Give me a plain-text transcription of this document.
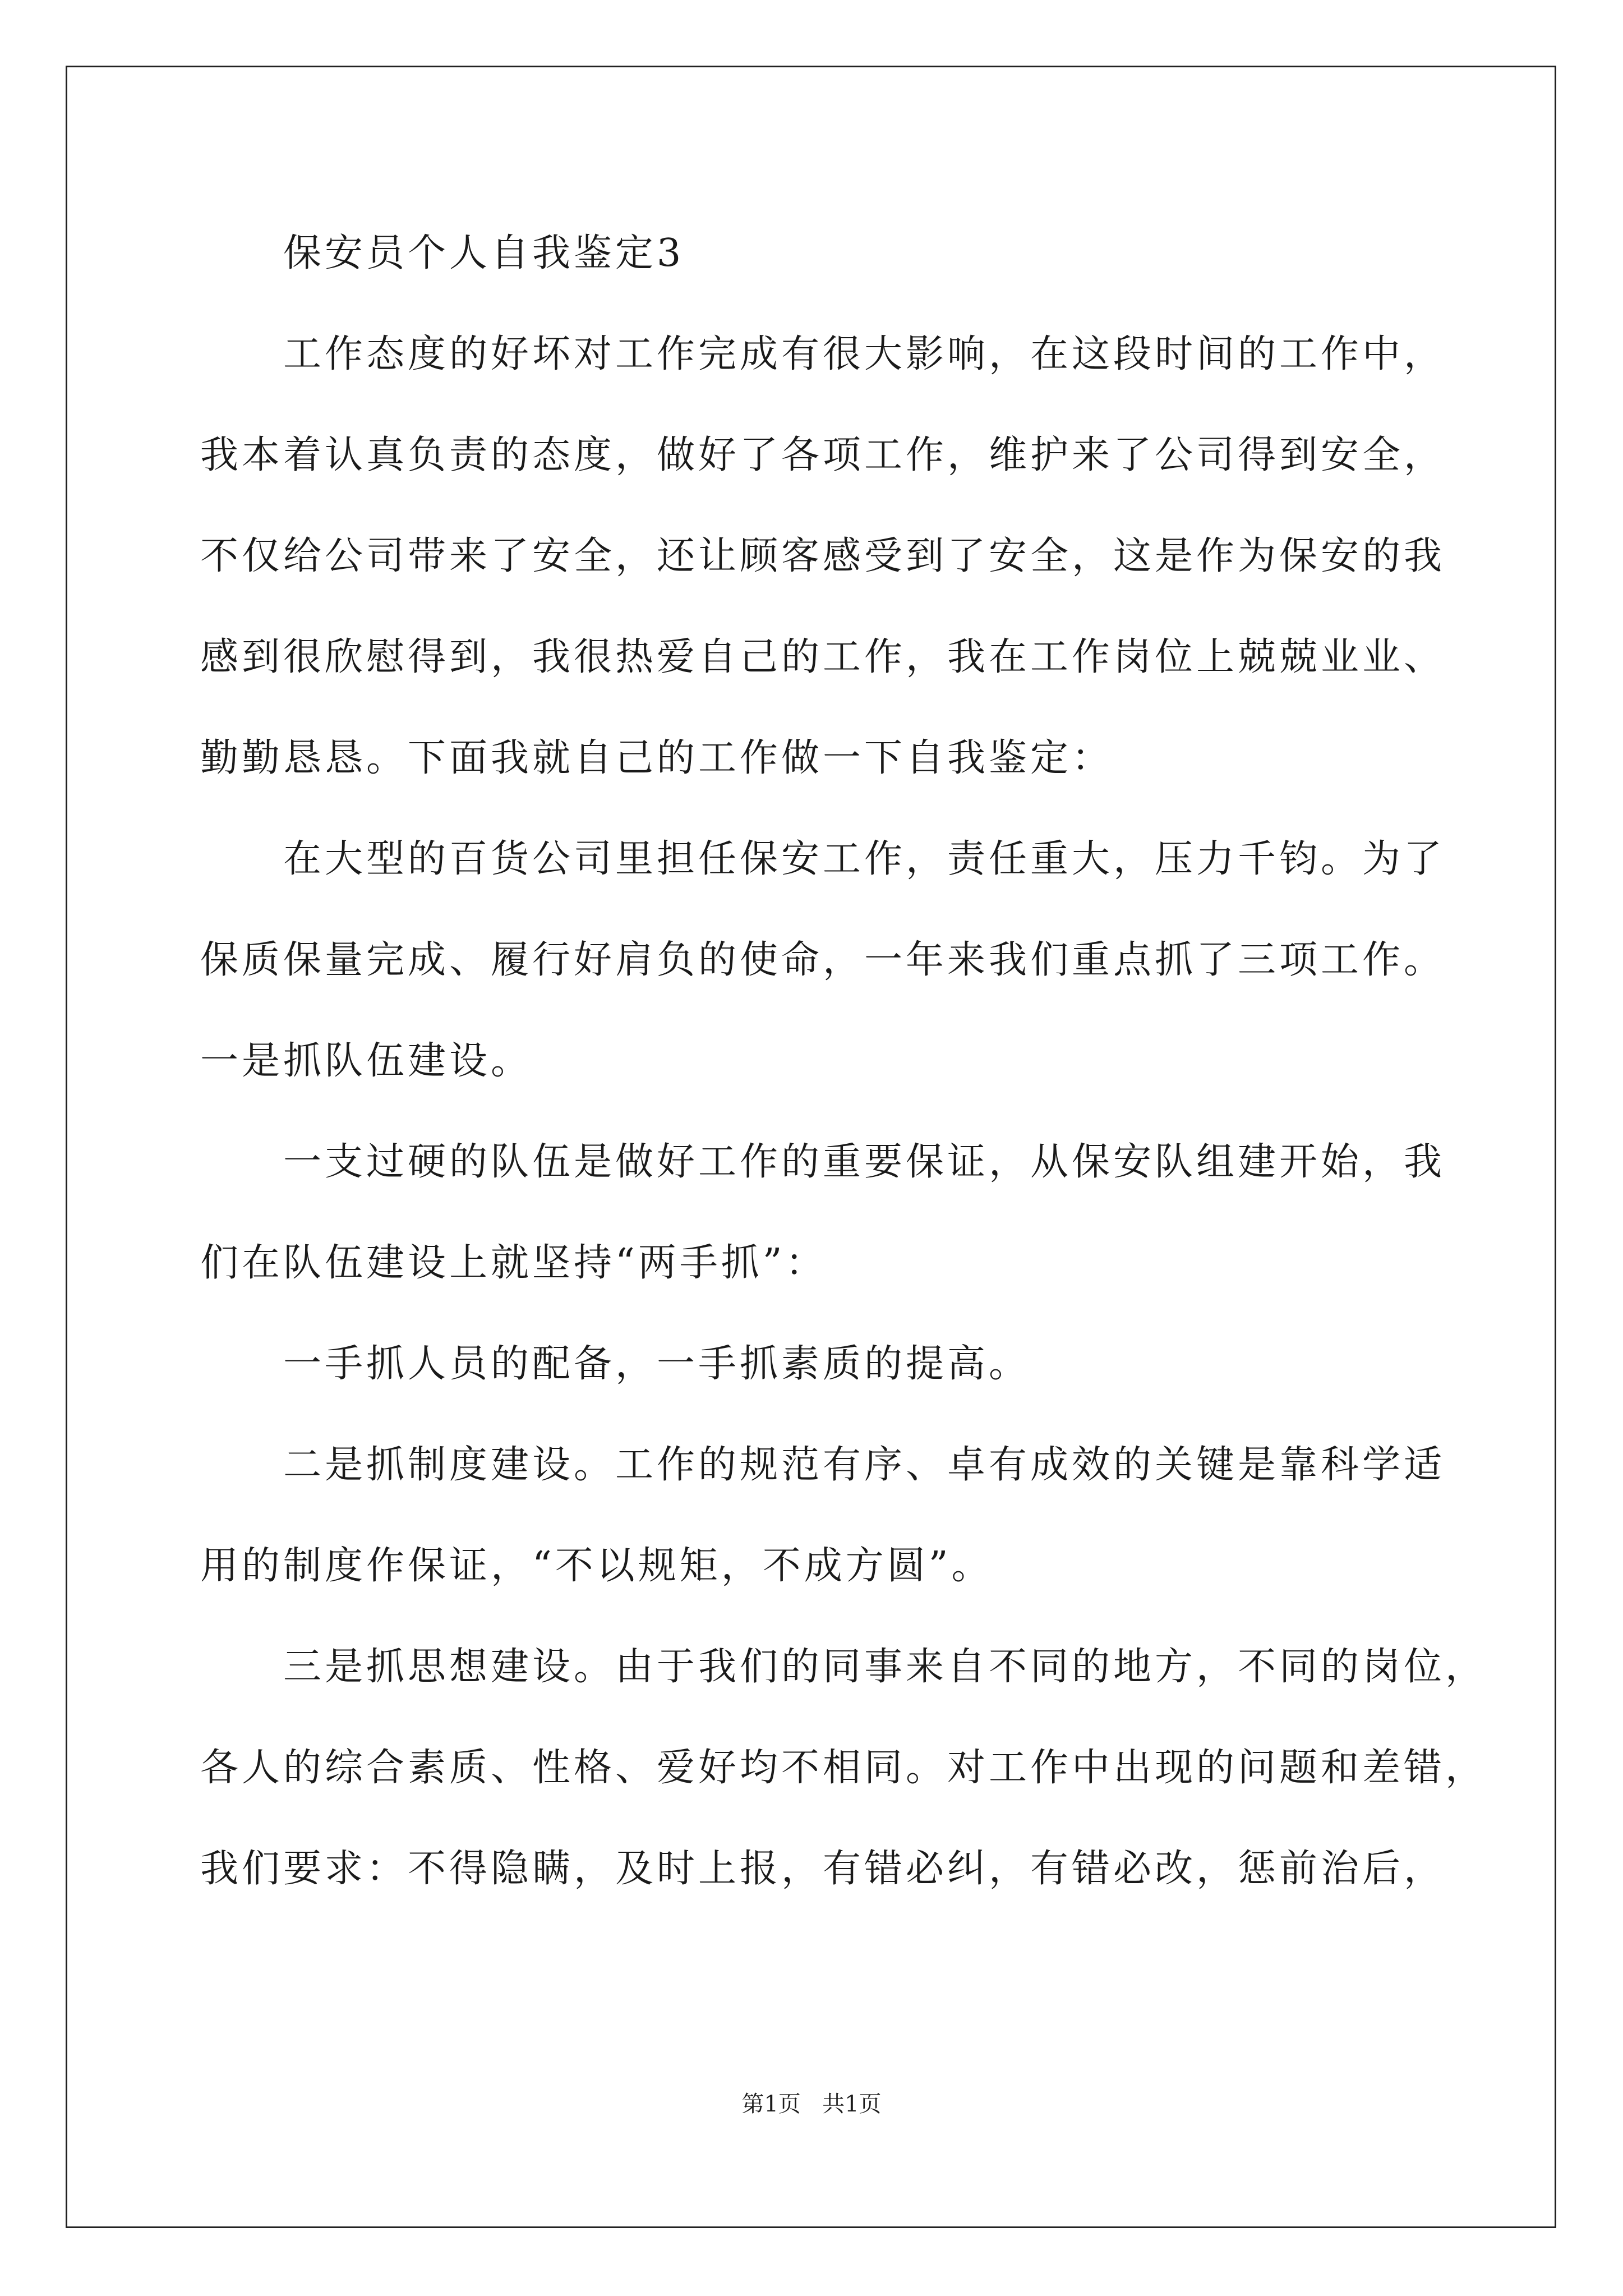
保安员个人自我鉴定3
工作态度的好坏对工作完成有很大影响，在这段时间的工作中，
我本着认真负责的态度，做好了各项工作，维护来了公司得到安全，
不仅给公司带来了安全，还让顾客感受到了安全，这是作为保安的我
感到很欣慰得到，我很热爱自己的工作，我在工作岗位上兢兢业业、
勤勤恳恳。下面我就自己的工作做一下自我鉴定：
在大型的百货公司里担任保安工作，责任重大，压力千钧。为了
保质保量完成、履行好肩负的使命，一年来我们重点抓了三项工作。
一是抓队伍建设。
一支过硬的队伍是做好工作的重要保证，从保安队组建开始，我
们在队伍建设上就坚持“两手抓”：
一手抓人员的配备，一手抓素质的提高。
二是抓制度建设。工作的规范有序、卓有成效的关键是靠科学适
用的制度作保证，“不以规矩，不成方圆”。
三是抓思想建设。由于我们的同事来自不同的地方，不同的岗位，
各人的综合素质、性格、爱好均不相同。对工作中出现的问题和差错，
我们要求：不得隐瞒，及时上报，有错必纠，有错必改，惩前治后，
第1页 共1页
